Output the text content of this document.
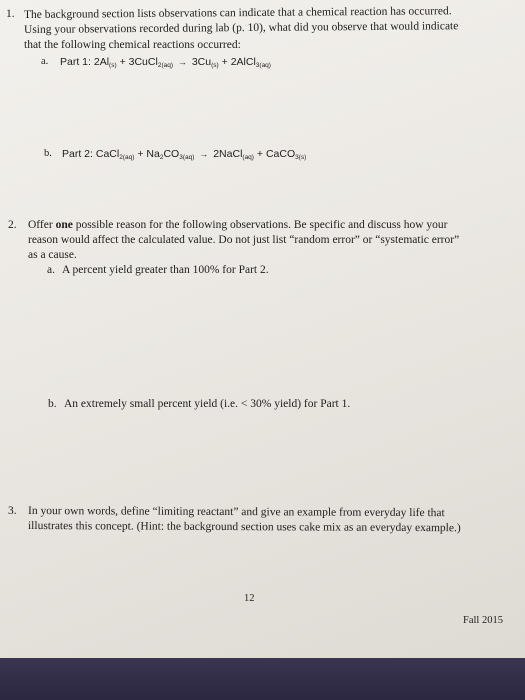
1. The background section lists observations can indicate that a chemical reaction has occurred.
Using your observations recorded during lab (p. 10), what did you observe that would indicate
that the following chemical reactions occurred:
a. Part 1: $2Al_{(s)}$ + 3CuCl$_{2(aq)}$ → $3Cu_{(s)}$ + 2AlCl$_{3(aq)}$
b. Part 2: CaCl$_{2(aq)}$ + $Na_2CO_{3(aq)}$ → 2NaCl$_{(aq)}$ + CaCO$_{3(s)}$
2. Offer one possible reason for the following observations. Be specific and discuss how your
reason would affect the calculated value. Do not just list “random error” or “systematic error”
as a cause.
a. A percent yield greater than 100% for Part 2.
b. An extremely small percent yield (i.e. < 30% yield) for Part 1.
3. In your own words, define “limiting reactant” and give an example from everyday life that
illustrates this concept. (Hint: the background section uses cake mix as an everyday example.)
12
Fall 2015
